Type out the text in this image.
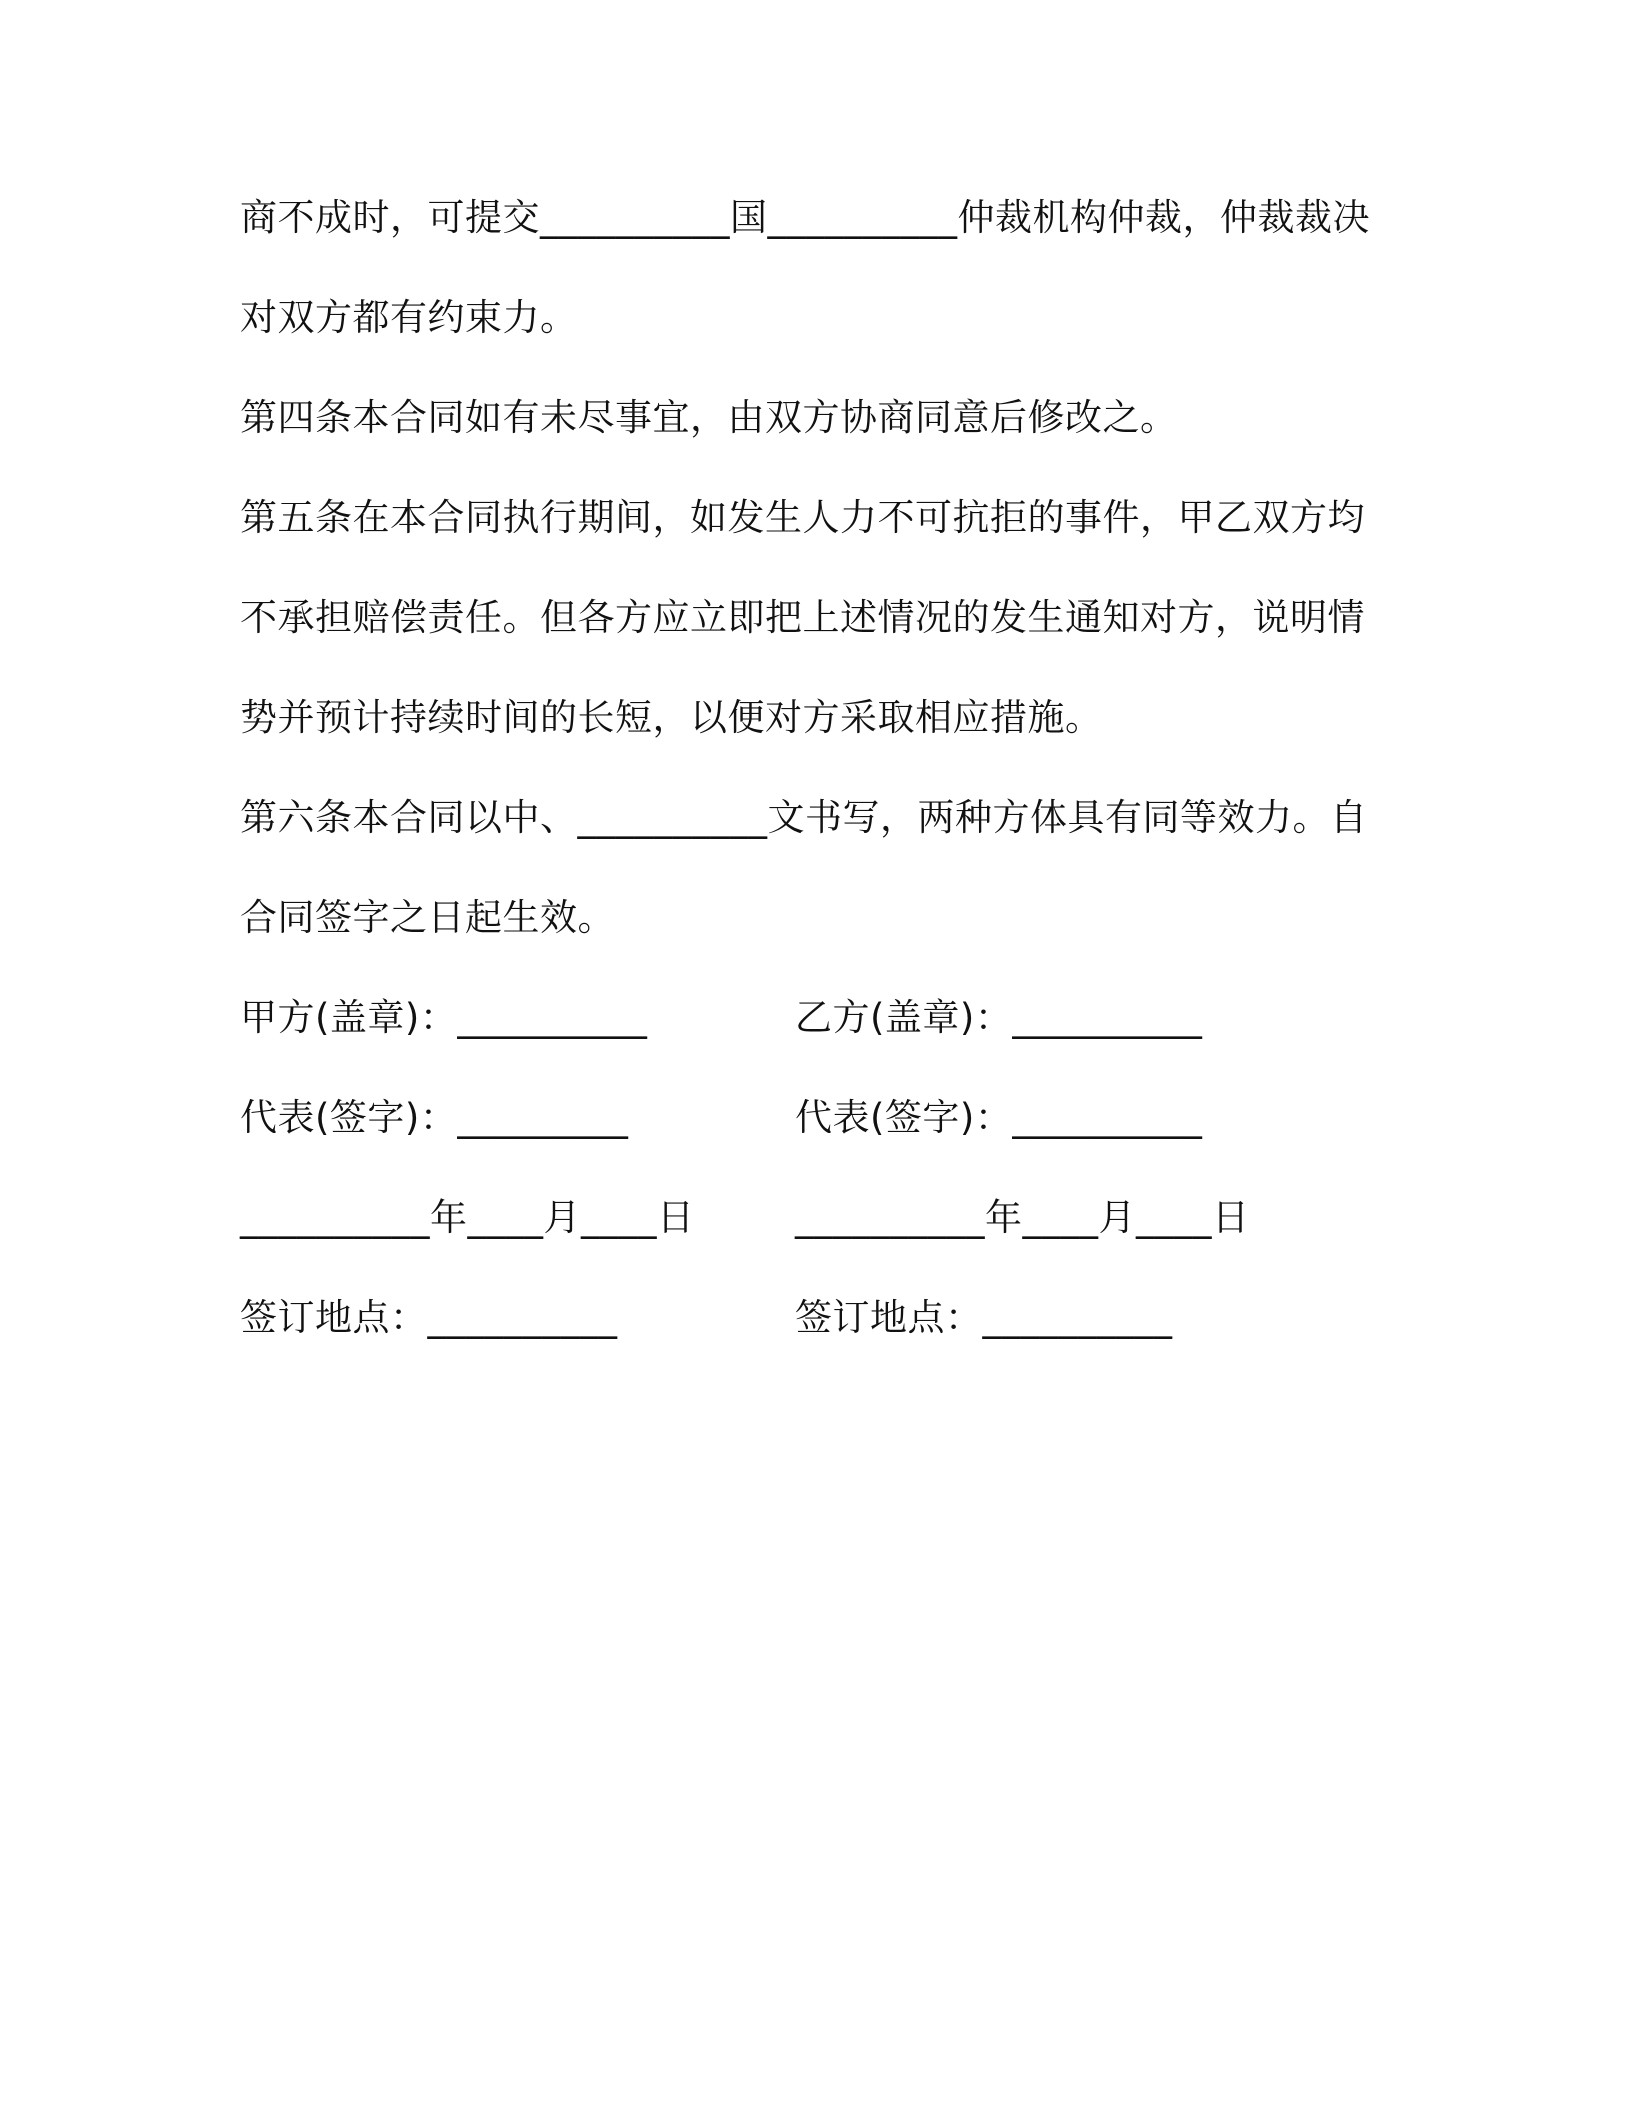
商不成时，可提交__________国__________仲裁机构仲裁，仲裁裁决
对双方都有约束力。
第四条本合同如有未尽事宜，由双方协商同意后修改之。
第五条在本合同执行期间，如发生人力不可抗拒的事件，甲乙双方均
不承担赔偿责任。但各方应立即把上述情况的发生通知对方，说明情
势并预计持续时间的长短，以便对方采取相应措施。
第六条本合同以中、__________文书写，两种方体具有同等效力。自
合同签字之日起生效。
甲方(盖章)：__________	乙方(盖章)：__________
代表(签字)：_________	代表(签字)：__________
__________年____月____日	__________年____月____日
签订地点：__________	签订地点：__________
